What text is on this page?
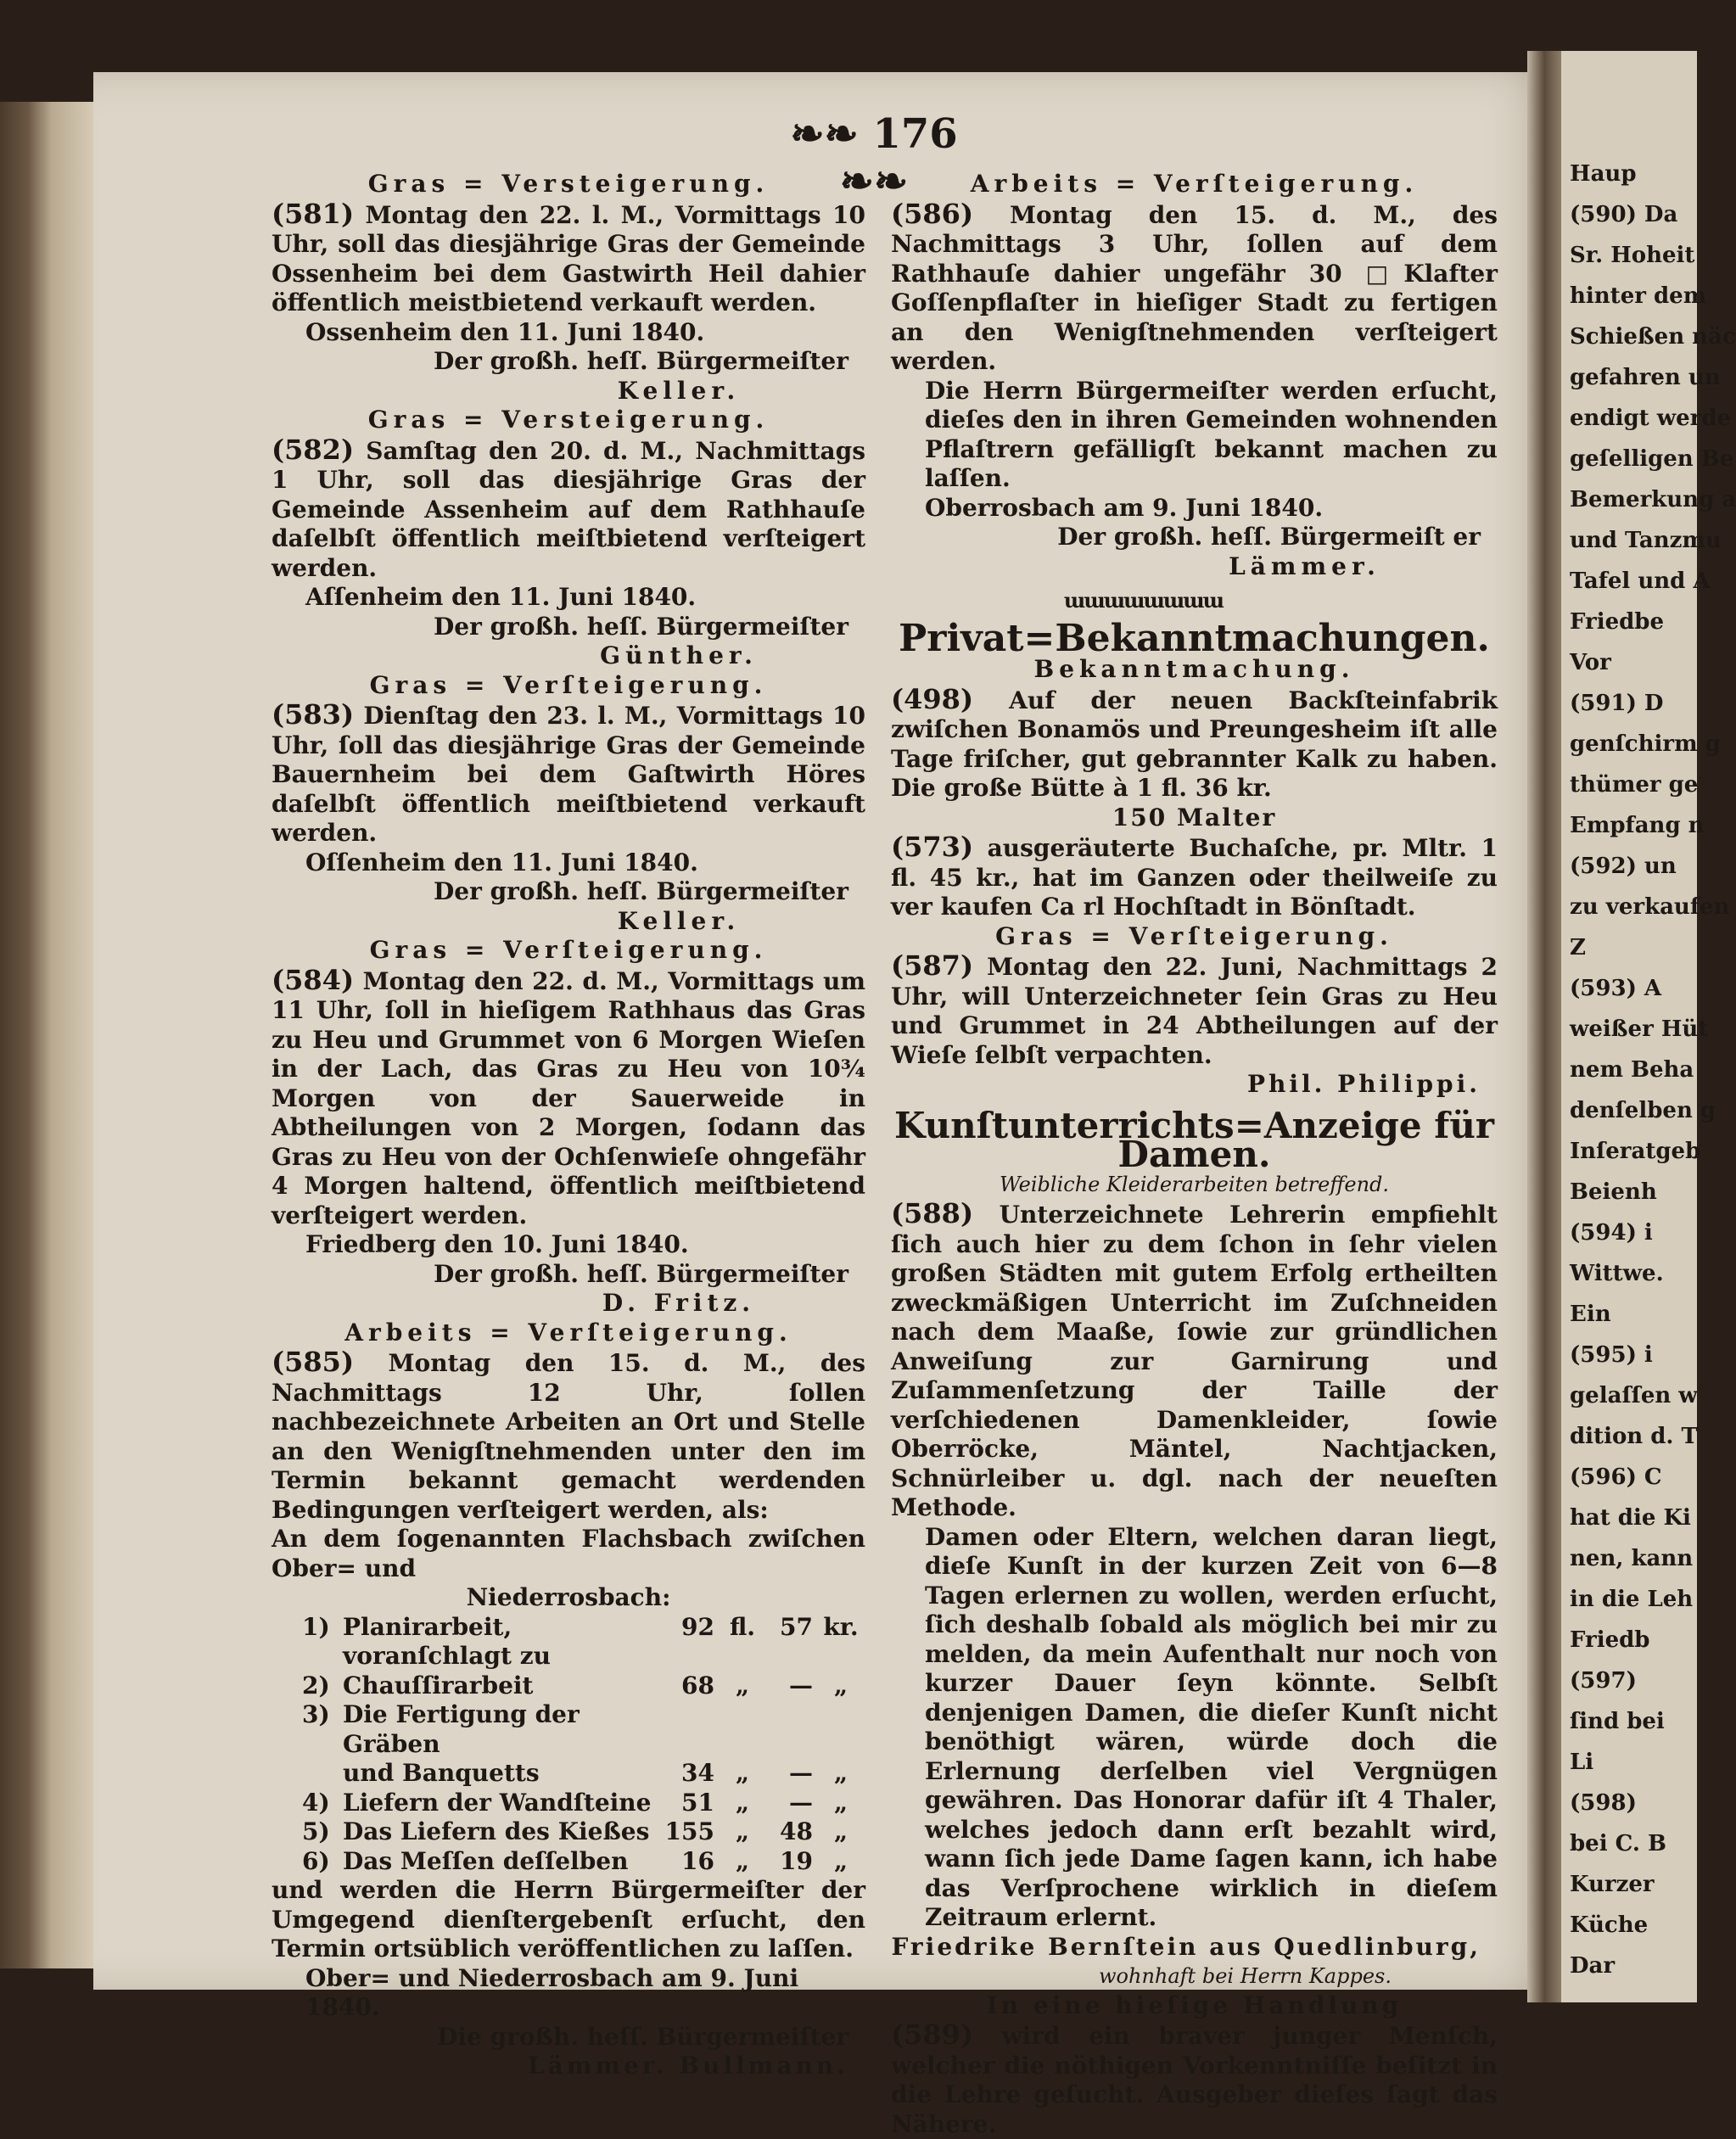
Haup
(590) Da
Sr. Hoheit
hinter dem
Schießen näc
gefahren un
endigt werde
geſelligen Be
Bemerkung a
und Tanzmu
Tafel und A
Friedbe
Vor
(591) D
genſchirm g
thümer ge
Empfang n
(592) un
zu verkaufen
Z
(593) A
weißer Hüt
nem Beha
denſelben g
Inſeratgeb
Beienh
(594) i
Wittwe.
Ein
(595) i
gelaſſen w
dition d. T
(596) C
hat die Ki
nen, kann
in die Leh
Friedb
(597)
ſind bei
Li
(598)
bei C. B
Kurzer
Küche
Dar
❧❧ 176 ❧❧
Gras = Versteigerung.
(581) Montag den 22. l. M., Vormittags 10 Uhr, soll das diesjährige Gras der Gemeinde Ossenheim bei dem Gastwirth Heil dahier öffentlich meistbietend verkauft werden.
Ossenheim den 11. Juni 1840.
Der großh. heſſ. Bürgermeiſter
Keller.
Gras = Versteigerung.
(582) Samſtag den 20. d. M., Nachmittags 1 Uhr, soll das diesjährige Gras der Gemeinde Assenheim auf dem Rathhauſe daſelbſt öffentlich meiſtbietend verſteigert werden.
Aſſenheim den 11. Juni 1840.
Der großh. heſſ. Bürgermeiſter
Günther.
Gras = Verſteigerung.
(583) Dienſtag den 23. l. M., Vormittags 10 Uhr, ſoll das diesjährige Gras der Gemeinde Bauernheim bei dem Gaſtwirth Höres daſelbſt öffentlich meiſtbietend verkauft werden.
Oſſenheim den 11. Juni 1840.
Der großh. heſſ. Bürgermeiſter
Keller.
Gras = Verſteigerung.
(584) Montag den 22. d. M., Vormittags um 11 Uhr, ſoll in hieſigem Rathhaus das Gras zu Heu und Grummet von 6 Morgen Wieſen in der Lach, das Gras zu Heu von 10¾ Morgen von der Sauerweide in Abtheilungen von 2 Morgen, ſodann das Gras zu Heu von der Ochſenwieſe ohngefähr 4 Morgen haltend, öffentlich meiſtbietend verſteigert werden.
Friedberg den 10. Juni 1840.
Der großh. heſſ. Bürgermeiſter
D. Fritz.
Arbeits = Verſteigerung.
(585) Montag den 15. d. M., des Nachmittags 12 Uhr, ſollen nachbezeichnete Arbeiten an Ort und Stelle an den Wenigſtnehmenden unter den im Termin bekannt gemacht werdenden Bedingungen verſteigert werden, als:
An dem ſogenannten Flachsbach zwiſchen Ober= und
Niederrosbach:
1)	Planirarbeit, voranſchlagt zu	92	fl.	57	kr.
2)	Chauſſirarbeit	68	„	—	„
3)	Die Fertigung der Gräben				
	und Banquetts	34	„	—	„
4)	Liefern der Wandſteine	51	„	—	„
5)	Das Liefern des Kießes	155	„	48	„
6)	Das Meſſen deſſelben	16	„	19	„
und werden die Herrn Bürgermeiſter der Umgegend dienſtergebenſt erſucht, den Termin ortsüblich veröffentlichen zu laſſen.
Ober= und Niederrosbach am 9. Juni 1840.
Die großh. heſſ. Bürgermeiſter
Lämmer. Bullmann.
Arbeits = Verſteigerung.
(586) Montag den 15. d. M., des Nachmittags 3 Uhr, ſollen auf dem Rathhauſe dahier ungefähr 30 □Klafter Goſſenpflaſter in hieſiger Stadt zu fertigen an den Wenigſtnehmenden verſteigert werden.
Die Herrn Bürgermeiſter werden erſucht, dieſes den in ihren Gemeinden wohnenden Pflaſtrern gefälligſt bekannt machen zu laſſen.
Oberrosbach am 9. Juni 1840.
Der großh. heſſ. Bürgermeiſt er
Lämmer.
ɯɯɯɯɯɯɯɯ
Privat=Bekanntmachungen.
Bekanntmachung.
(498) Auf der neuen Backſteinfabrik zwiſchen Bonamös und Preungesheim iſt alle Tage friſcher, gut gebrannter Kalk zu haben. Die große Bütte à 1 fl. 36 kr.
150 Malter
(573) ausgeräuterte Buchaſche, pr. Mltr. 1 fl. 45 kr., hat im Ganzen oder theilweiſe zu ver kaufen Ca rl Hochſtadt in Bönſtadt.
Gras = Verſteigerung.
(587) Montag den 22. Juni, Nachmittags 2 Uhr, will Unterzeichneter ſein Gras zu Heu und Grummet in 24 Abtheilungen auf der Wieſe ſelbſt verpachten.
Phil. Philippi.
Kunſtunterrichts=Anzeige für Damen.
Weibliche Kleiderarbeiten betreffend.
(588) Unterzeichnete Lehrerin empfiehlt ſich auch hier zu dem ſchon in ſehr vielen großen Städten mit gutem Erfolg ertheilten zweckmäßigen Unterricht im Zuſchneiden nach dem Maaße, ſowie zur gründlichen Anweiſung zur Garnirung und Zuſammenſetzung der Taille der verſchiedenen Damenkleider, ſowie Oberröcke, Mäntel, Nachtjacken, Schnürleiber u. dgl. nach der neueſten Methode.
Damen oder Eltern, welchen daran liegt, dieſe Kunſt in der kurzen Zeit von 6—8 Tagen erlernen zu wollen, werden erſucht, ſich deshalb ſobald als möglich bei mir zu melden, da mein Aufenthalt nur noch von kurzer Dauer ſeyn könnte. Selbſt denjenigen Damen, die dieſer Kunſt nicht benöthigt wären, würde doch die Erlernung derſelben viel Vergnügen gewähren. Das Honorar dafür iſt 4 Thaler, welches jedoch dann erſt bezahlt wird, wann ſich jede Dame ſagen kann, ich habe das Verſprochene wirklich in dieſem Zeitraum erlernt.
Friedrike Bernſtein aus Quedlinburg,
wohnhaft bei Herrn Kappes.
In eine hieſige Handlung
(589) wird ein braver junger Menſch, welcher die nöthigen Vorkenntniſſe beſitzt in die Lehre geſucht. Ausgeber dieſes ſagt das Nähere.
